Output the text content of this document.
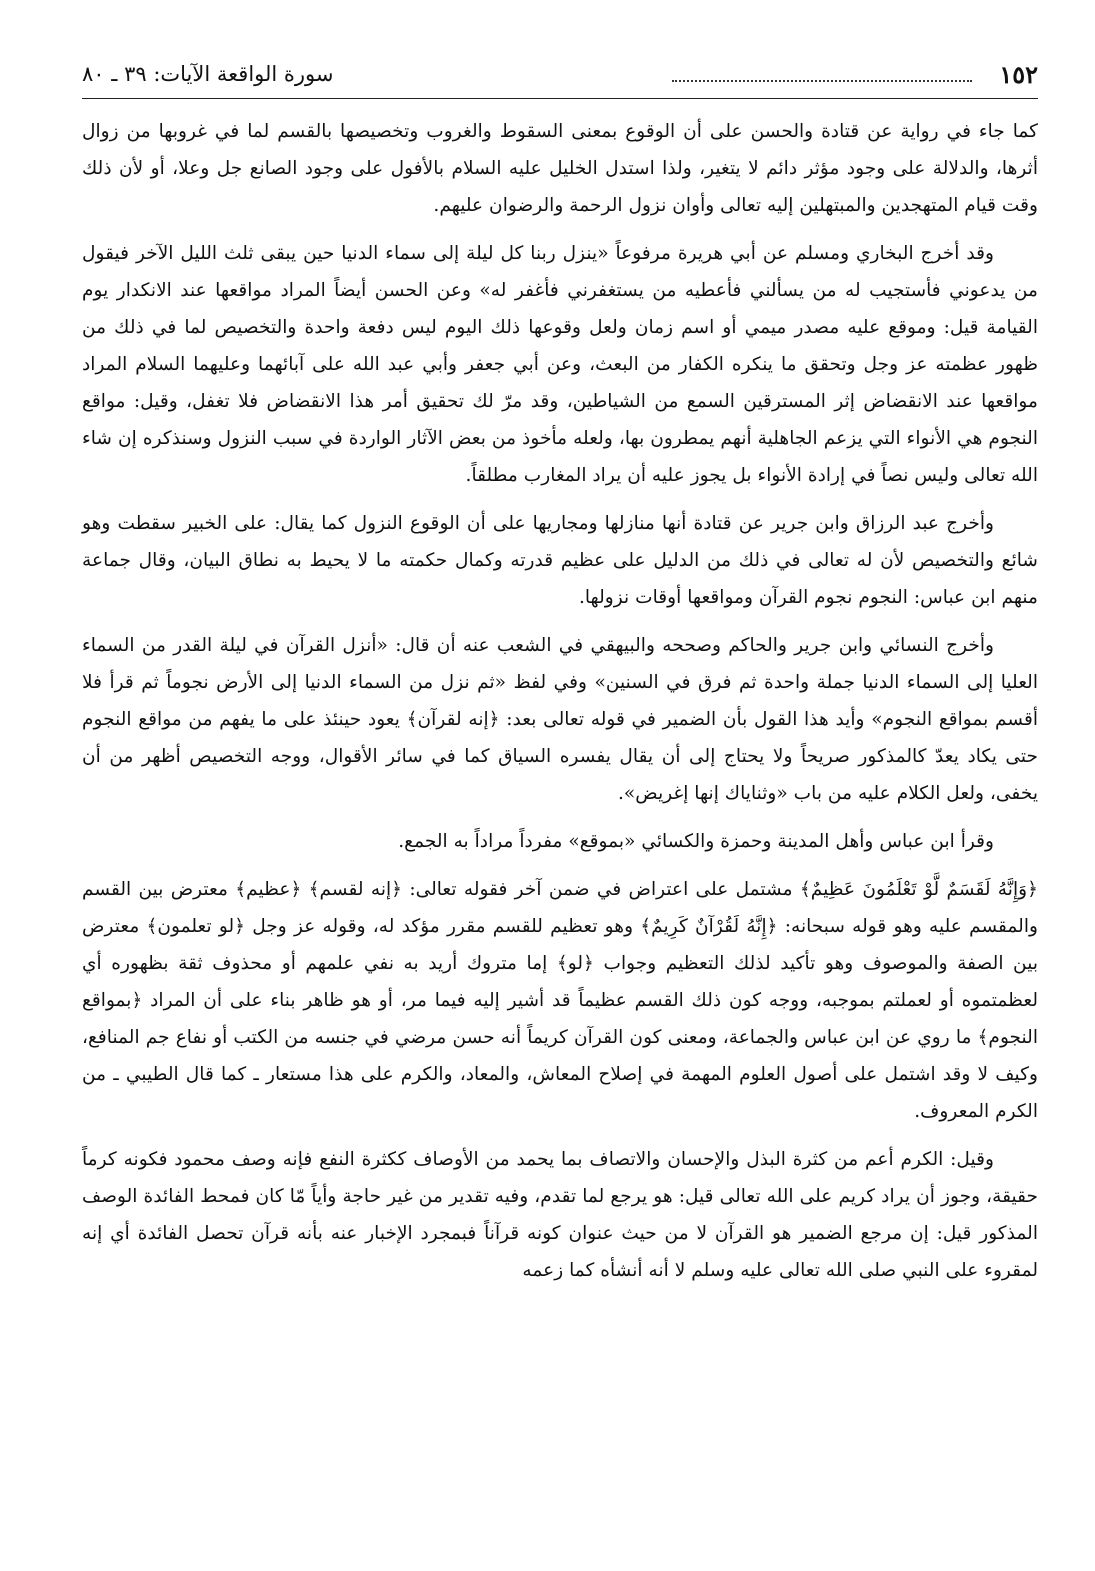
١٥٢
سورة الواقعة الآيات: ٣٩ ـ ٨٠

كما جاء في رواية عن قتادة والحسن على أن الوقوع بمعنى السقوط والغروب وتخصيصها بالقسم لما في غروبها من زوال أثرها، والدلالة على وجود مؤثر دائم لا يتغير، ولذا استدل الخليل عليه السلام بالأفول على وجود الصانع جل وعلا، أو لأن ذلك وقت قيام المتهجدين والمبتهلين إليه تعالى وأوان نزول الرحمة والرضوان عليهم.

وقد أخرج البخاري ومسلم عن أبي هريرة مرفوعاً «ينزل ربنا كل ليلة إلى سماء الدنيا حين يبقى ثلث الليل الآخر فيقول من يدعوني فأستجيب له من يسألني فأعطيه من يستغفرني فأغفر له» وعن الحسن أيضاً المراد مواقعها عند الانكدار يوم القيامة قيل: وموقع عليه مصدر ميمي أو اسم زمان ولعل وقوعها ذلك اليوم ليس دفعة واحدة والتخصيص لما في ذلك من ظهور عظمته عز وجل وتحقق ما ينكره الكفار من البعث، وعن أبي جعفر وأبي عبد الله على آبائهما وعليهما السلام المراد مواقعها عند الانقضاض إثر المسترقين السمع من الشياطين، وقد مرّ لك تحقيق أمر هذا الانقضاض فلا تغفل، وقيل: مواقع النجوم هي الأنواء التي يزعم الجاهلية أنهم يمطرون بها، ولعله مأخوذ من بعض الآثار الواردة في سبب النزول وسنذكره إن شاء الله تعالى وليس نصاً في إرادة الأنواء بل يجوز عليه أن يراد المغارب مطلقاً.

وأخرج عبد الرزاق وابن جرير عن قتادة أنها منازلها ومجاريها على أن الوقوع النزول كما يقال: على الخبير سقطت وهو شائع والتخصيص لأن له تعالى في ذلك من الدليل على عظيم قدرته وكمال حكمته ما لا يحيط به نطاق البيان، وقال جماعة منهم ابن عباس: النجوم نجوم القرآن ومواقعها أوقات نزولها.

وأخرج النسائي وابن جرير والحاكم وصححه والبيهقي في الشعب عنه أن قال: «أنزل القرآن في ليلة القدر من السماء العليا إلى السماء الدنيا جملة واحدة ثم فرق في السنين» وفي لفظ «ثم نزل من السماء الدنيا إلى الأرض نجوماً ثم قرأ فلا أقسم بمواقع النجوم» وأيد هذا القول بأن الضمير في قوله تعالى بعد: ﴿إنه لقرآن﴾ يعود حينئذ على ما يفهم من مواقع النجوم حتى يكاد يعدّ كالمذكور صريحاً ولا يحتاج إلى أن يقال يفسره السياق كما في سائر الأقوال، ووجه التخصيص أظهر من أن يخفى، ولعل الكلام عليه من باب «وثناياك إنها إغريض».

وقرأ ابن عباس وأهل المدينة وحمزة والكسائي «بموقع» مفرداً مراداً به الجمع.

﴿وَإِنَّهُ لَقَسَمٌ لَّوْ تَعْلَمُونَ عَظِيمٌ﴾ مشتمل على اعتراض في ضمن آخر فقوله تعالى: ﴿إنه لقسم﴾ ﴿عظيم﴾ معترض بين القسم والمقسم عليه وهو قوله سبحانه: ﴿إِنَّهُ لَقُرْآنٌ كَرِيمٌ﴾ وهو تعظيم للقسم مقرر مؤكد له، وقوله عز وجل ﴿لو تعلمون﴾ معترض بين الصفة والموصوف وهو تأكيد لذلك التعظيم وجواب ﴿لو﴾ إما متروك أريد به نفي علمهم أو محذوف ثقة بظهوره أي لعظمتموه أو لعملتم بموجبه، ووجه كون ذلك القسم عظيماً قد أشير إليه فيما مر، أو هو ظاهر بناء على أن المراد ﴿بمواقع النجوم﴾ ما روي عن ابن عباس والجماعة، ومعنى كون القرآن كريماً أنه حسن مرضي في جنسه من الكتب أو نفاع جم المنافع، وكيف لا وقد اشتمل على أصول العلوم المهمة في إصلاح المعاش، والمعاد، والكرم على هذا مستعار ـ كما قال الطيبي ـ من الكرم المعروف.

وقيل: الكرم أعم من كثرة البذل والإحسان والاتصاف بما يحمد من الأوصاف ككثرة النفع فإنه وصف محمود فكونه كرماً حقيقة، وجوز أن يراد كريم على الله تعالى قيل: هو يرجع لما تقدم، وفيه تقدير من غير حاجة وأياً مّا كان فمحط الفائدة الوصف المذكور قيل: إن مرجع الضمير هو القرآن لا من حيث عنوان كونه قرآناً فبمجرد الإخبار عنه بأنه قرآن تحصل الفائدة أي إنه لمقروء على النبي صلى الله تعالى عليه وسلم لا أنه أنشأه كما زعمه
